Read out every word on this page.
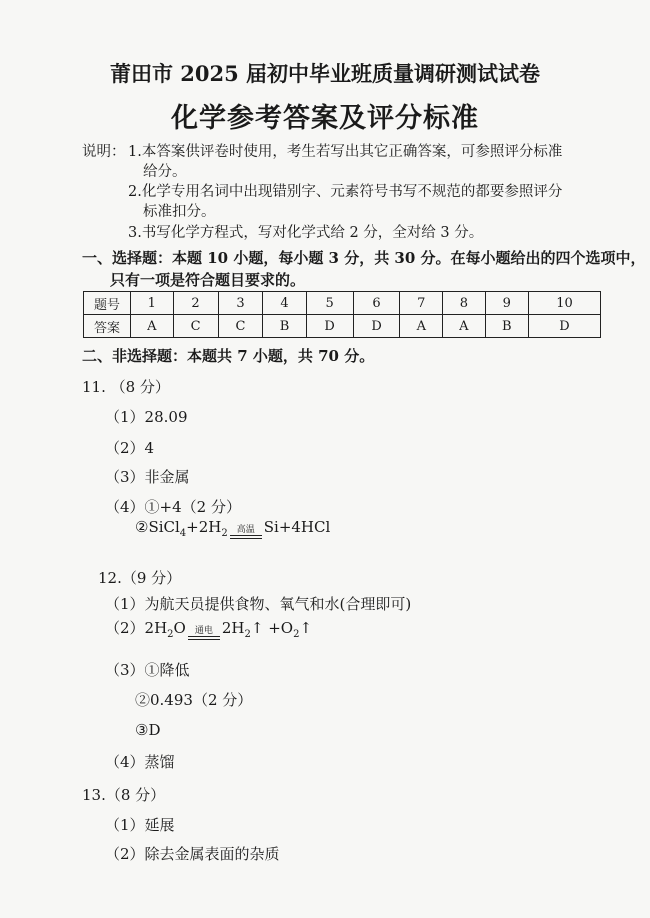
莆田市 2025 届初中毕业班质量调研测试试卷
化学参考答案及评分标准
说明： 1.本答案供评卷时使用，考生若写出其它正确答案，可参照评分标准
给分。
2.化学专用名词中出现错别字、元素符号书写不规范的都要参照评分
标准扣分。
3.书写化学方程式，写对化学式给 2 分，全对给 3 分。
一、选择题：本题 10 小题，每小题 3 分，共 30 分。在每小题给出的四个选项中，
只有一项是符合题目要求的。
题号	1	2	3	4	5	6	7	8	9	10
答案	A	C	C	B	D	D	A	A	B	D
二、非选择题：本题共 7 小题，共 70 分。
11. （8 分）
（1）28.09
（2）4
（3）非金属
（4）①+4（2 分）
$②SiCl_4+2H_2$ 高温 Si+4HCl
12.（9 分）
（1）为航天员提供食物、氧气和水(合理即可)
$(2)2H_2O$ 通电 $2H_2↑$ $+O_2↑$
（3）①降低
②0.493（2 分）
③D
（4）蒸馏
13.（8 分）
（1）延展
（2）除去金属表面的杂质
